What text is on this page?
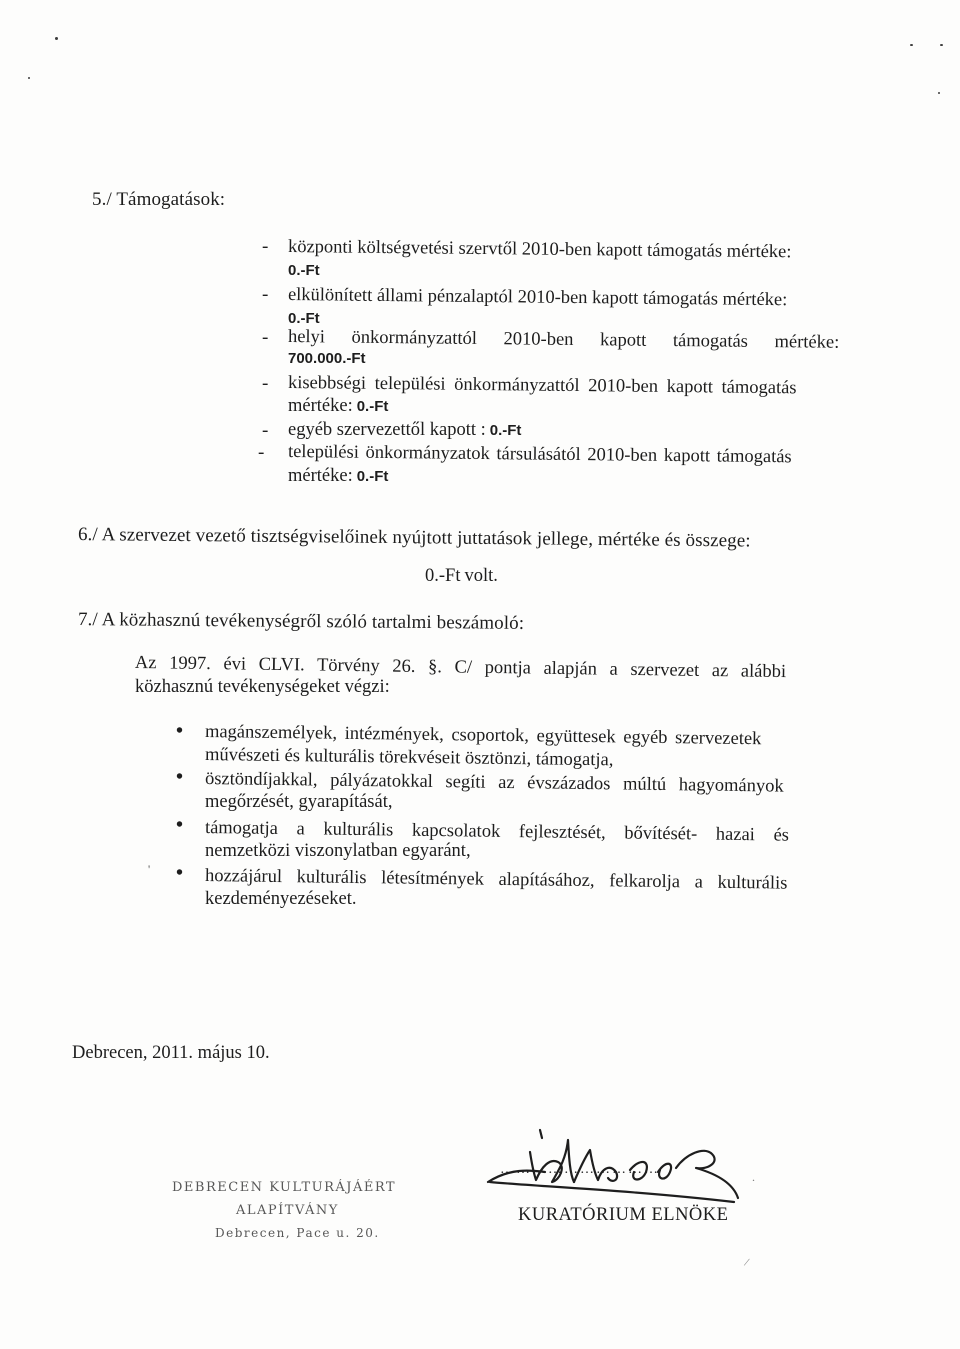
5./ Támogatások:
- központi költségvetési szervtől 2010-ben kapott támogatás mértéke:
0.-Ft
- elkülönített állami pénzalaptól 2010-ben kapott támogatás mértéke:
0.-Ft
- helyi önkormányzattól 2010-ben kapott támogatás mértéke:
700.000.-Ft
- kisebbségi települési önkormányzattól 2010-ben kapott támogatás
mértéke: 0.-Ft
- egyéb szervezettől kapott : 0.-Ft
- települési önkormányzatok társulásától 2010-ben kapott támogatás
mértéke: 0.-Ft
6./ A szervezet vezető tisztségviselőinek nyújtott juttatások jellege, mértéke és összege:
0.-Ft volt.
7./ A közhasznú tevékenységről szóló tartalmi beszámoló:
Az 1997. évi CLVI. Törvény 26. §. C/ pontja alapján a szervezet az alábbi
közhasznú tevékenységeket végzi:
• magánszemélyek, intézmények, csoportok, együttesek egyéb szervezetek
művészeti és kulturális törekvéseit ösztönzi, támogatja,
• ösztöndíjakkal, pályázatokkal segíti az évszázados múltú hagyományok
megőrzését, gyarapítását,
• támogatja a kulturális kapcsolatok fejlesztését, bővítését- hazai és
nemzetközi viszonylatban egyaránt,
' • hozzájárul kulturális létesítmények alapításához, felkarolja a kulturális
kezdeményezéseket.
Debrecen, 2011. május 10.
DEBRECEN KULTURÁJÁÉRT
ALAPÍTVÁNY
Debrecen, Pace u. 20.
…………………………
KURATÓRIUM ELNÖKE
.
/
